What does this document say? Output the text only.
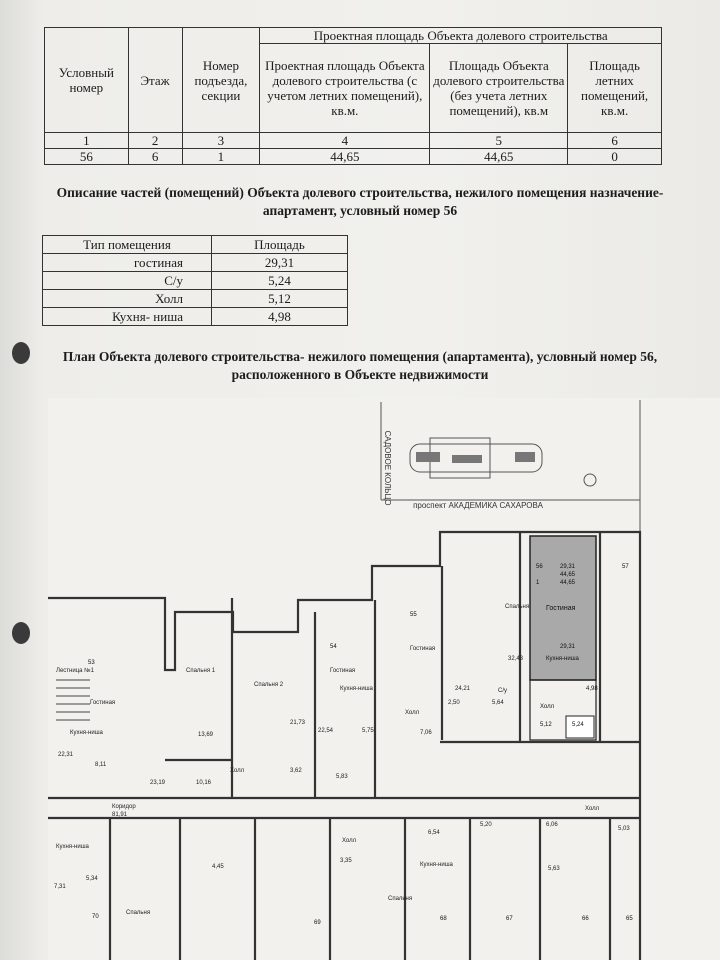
Условный номер	Этаж	Номер подъезда, секции	Проектная площадь Объекта долевого строительства		
			Проектная площадь Объекта долевого строительства (с учетом летних помещений), кв.м.	Площадь Объекта долевого строительства (без учета летних помещений), кв.м	Площадь летних помещений, кв.м.
1	2	3	4	5	6
56	6	1	44,65	44,65	0
Описание частей (помещений) Объекта долевого строительства, нежилого помещения назначение- апартамент, условный номер 56
Тип помещения	Площадь
гостиная	29,31
С/у	5,24
Холл	5,12
Кухня- ниша	4,98
План Объекта долевого строительства- нежилого помещения (апартамента), условный номер 56, расположенного в Объекте недвижимости
САДОВОЕ КОЛЬЦО
проспект АКАДЕМИКА САХАРОВА
56	29,31
44,65
44,65
1
Гостиная
29,31
Кухня-ниша
4,98
Холл
5,12	5,24
Спальня
32,43
Гостиная
24,21	С/у
5,64
2,50
7,06
Холл
Спальня 2
21,73
Спальня 1
13,69
Гостиная
Кухня-ниша
22,54	5,75
5,83
3,62
Холл
Гостиная
Кухня-ниша
22,31
8,11
23,19	10,16
Коридор
81,91
Лестница №1
Кухня-ниша
7,31
5,34
Спальня
4,45
Холл
3,35
Кухня-ниша
6,54
5,20	6,06
5,63
5,03
Холл
Спальня
53
54
55
57
70
69
68	67	66	65
